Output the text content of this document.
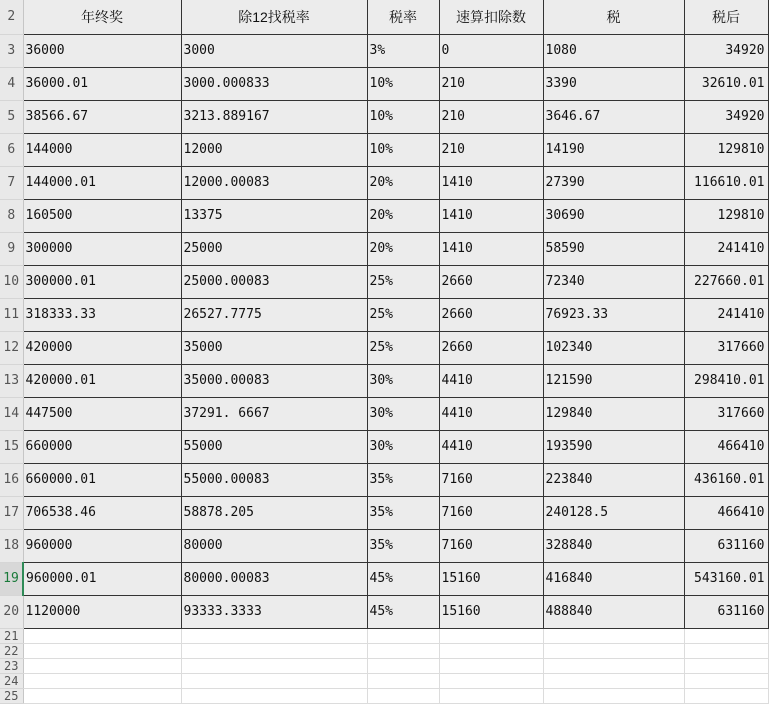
2	年终奖	除12找税率	税率	速算扣除数	税	税后
3	36000	3000	3%	0	1080	34920
4	36000.01	3000.000833	10%	210	3390	32610.01
5	38566.67	3213.889167	10%	210	3646.67	34920
6	144000	12000	10%	210	14190	129810
7	144000.01	12000.00083	20%	1410	27390	116610.01
8	160500	13375	20%	1410	30690	129810
9	300000	25000	20%	1410	58590	241410
10	300000.01	25000.00083	25%	2660	72340	227660.01
11	318333.33	26527.7775	25%	2660	76923.33	241410
12	420000	35000	25%	2660	102340	317660
13	420000.01	35000.00083	30%	4410	121590	298410.01
14	447500	37291. 6667	30%	4410	129840	317660
15	660000	55000	30%	4410	193590	466410
16	660000.01	55000.00083	35%	7160	223840	436160.01
17	706538.46	58878.205	35%	7160	240128.5	466410
18	960000	80000	35%	7160	328840	631160
19	960000.01	80000.00083	45%	15160	416840	543160.01
20	1120000	93333.3333	45%	15160	488840	631160
21						
22						
23						
24						
25						
